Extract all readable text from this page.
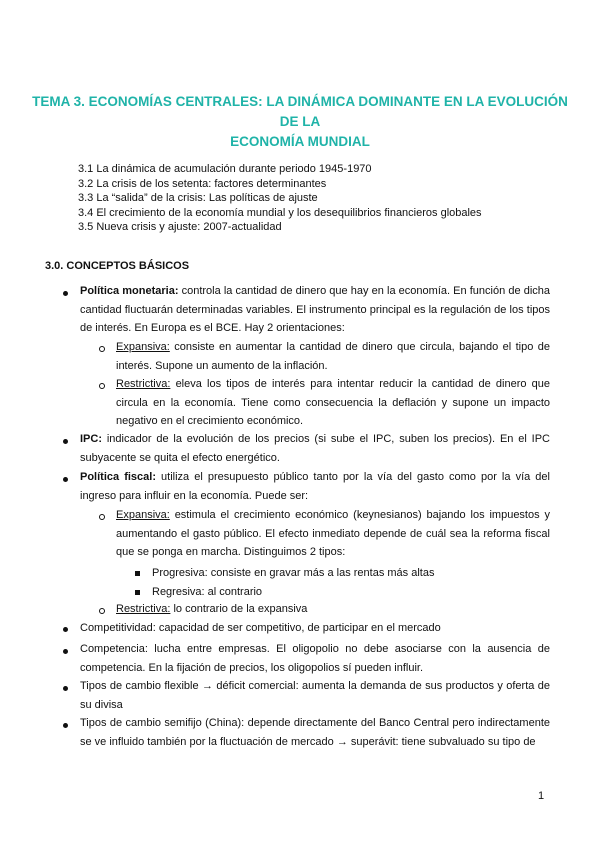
TEMA 3. ECONOMÍAS CENTRALES: LA DINÁMICA DOMINANTE EN LA EVOLUCIÓN DE LA
ECONOMÍA MUNDIAL
3.1 La dinámica de acumulación durante periodo 1945-1970
3.2 La crisis de los setenta: factores determinantes
3.3 La “salida” de la crisis: Las políticas de ajuste
3.4 El crecimiento de la economía mundial y los desequilibrios financieros globales
3.5 Nueva crisis y ajuste: 2007-actualidad
3.0. CONCEPTOS BÁSICOS
Política monetaria: controla la cantidad de dinero que hay en la economía. En función de dicha cantidad fluctuarán determinadas variables. El instrumento principal es la regulación de los tipos de interés. En Europa es el BCE. Hay 2 orientaciones:
Expansiva: consiste en aumentar la cantidad de dinero que circula, bajando el tipo de interés. Supone un aumento de la inflación.
Restrictiva: eleva los tipos de interés para intentar reducir la cantidad de dinero que circula en la economía. Tiene como consecuencia la deflación y supone un impacto negativo en el crecimiento económico.
IPC: indicador de la evolución de los precios (si sube el IPC, suben los precios). En el IPC subyacente se quita el efecto energético.
Política fiscal: utiliza el presupuesto público tanto por la vía del gasto como por la vía del ingreso para influir en la economía. Puede ser:
Expansiva: estimula el crecimiento económico (keynesianos) bajando los impuestos y aumentando el gasto público. El efecto inmediato depende de cuál sea la reforma fiscal que se ponga en marcha. Distinguimos 2 tipos:
Progresiva: consiste en gravar más a las rentas más altas
Regresiva: al contrario
Restrictiva: lo contrario de la expansiva
Competitividad: capacidad de ser competitivo, de participar en el mercado
Competencia: lucha entre empresas. El oligopolio no debe asociarse con la ausencia de competencia. En la fijación de precios, los oligopolios sí pueden influir.
Tipos de cambio flexible → déficit comercial: aumenta la demanda de sus productos y oferta de su divisa
Tipos de cambio semifijo (China): depende directamente del Banco Central pero indirectamente se ve influido también por la fluctuación de mercado → superávit: tiene subvaluado su tipo de
1
